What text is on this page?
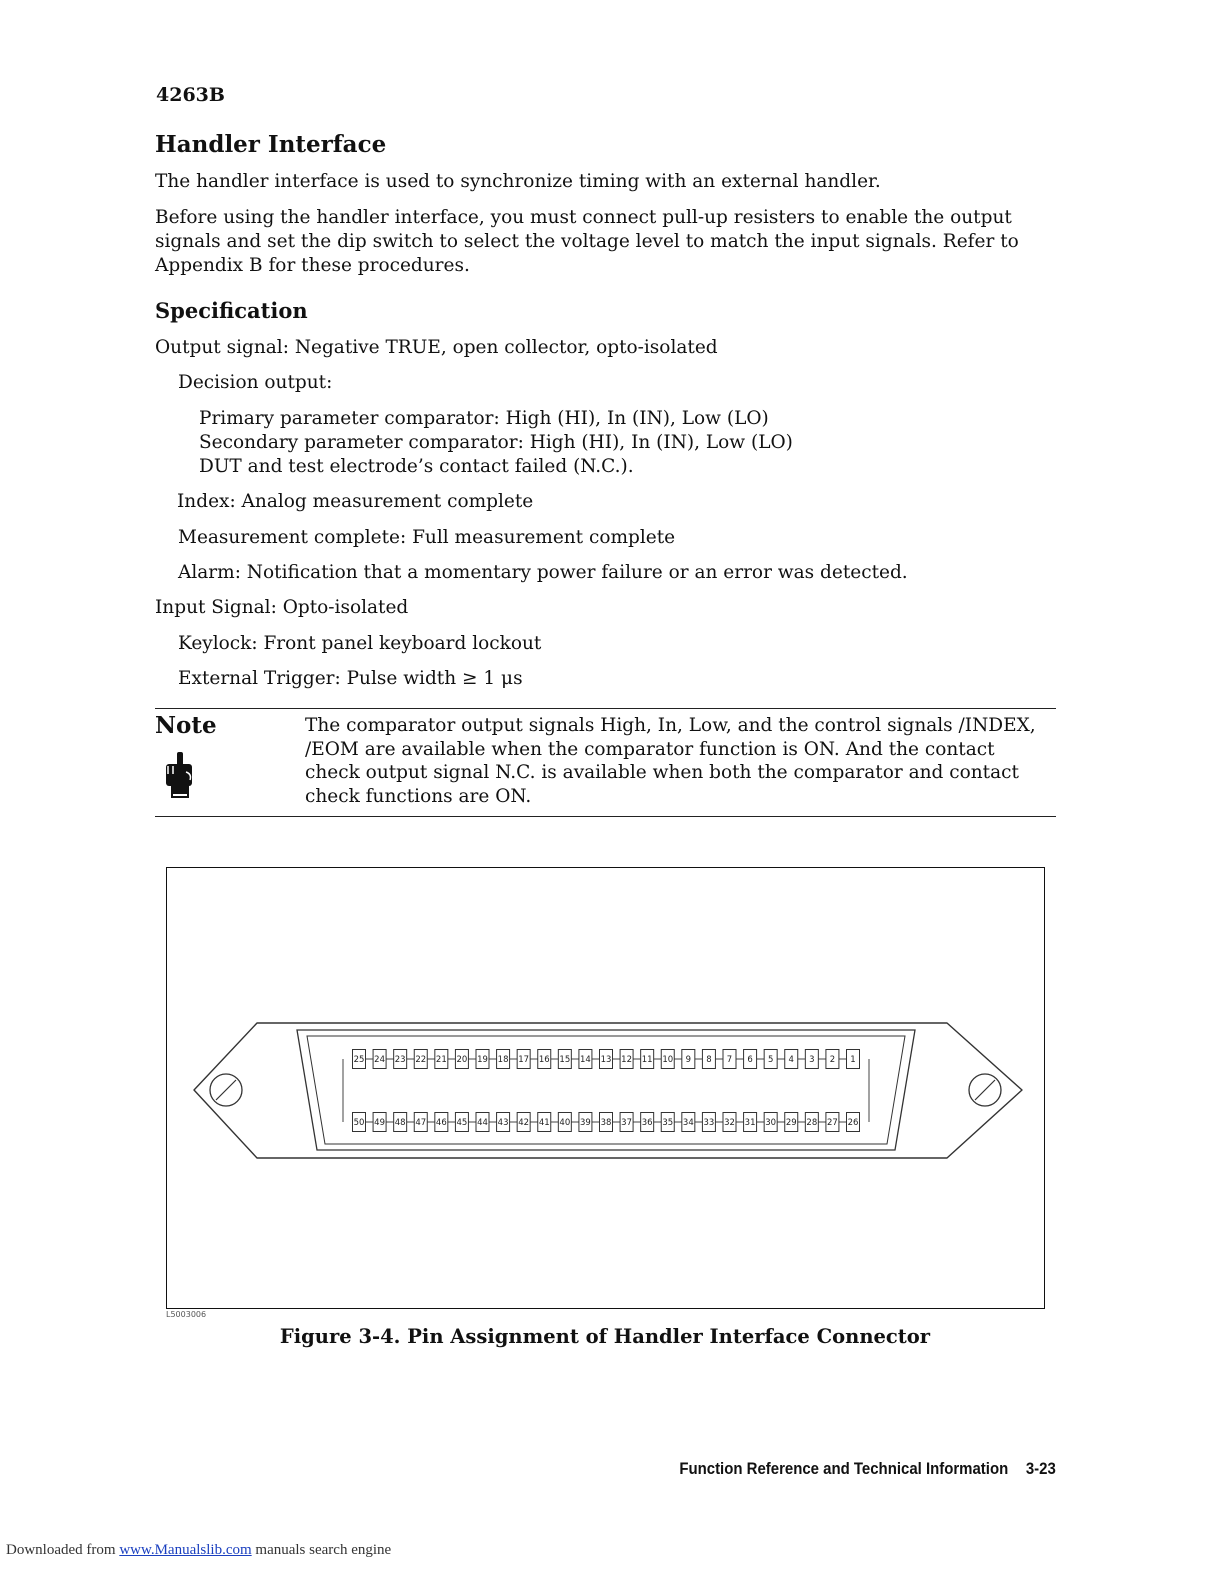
4263B
Handler Interface
The handler interface is used to synchronize timing with an external handler.
Before using the handler interface, you must connect pull-up resisters to enable the output
signals and set the dip switch to select the voltage level to match the input signals. Refer to
Appendix B for these procedures.
Specification
Output signal: Negative TRUE, open collector, opto-isolated
Decision output:
Primary parameter comparator: High (HI), In (IN), Low (LO)
Secondary parameter comparator: High (HI), In (IN), Low (LO)
DUT and test electrode’s contact failed (N.C.).
Index: Analog measurement complete
Measurement complete: Full measurement complete
Alarm: Notification that a momentary power failure or an error was detected.
Input Signal: Opto-isolated
Keylock: Front panel keyboard lockout
External Trigger: Pulse width ≥ 1 μs
Note	The comparator output signals High, In, Low, and the control signals /INDEX,
/EOM are available when the comparator function is ON. And the contact
check output signal N.C. is available when both the comparator and contact
check functions are ON.
25 24 23 22 21 20 19 18 17 16 15 14 13 12 11 10 9 8 7 6 5 4 3 2 1
50 49 48 47 46 45 44 43 42 41 40 39 38 37 36 35 34 33 32 31 30 29 28 27 26
L5003006
Figure 3-4. Pin Assignment of Handler Interface Connector
Function Reference and Technical Information 3-23
Downloaded from www.Manualslib.com manuals search engine
